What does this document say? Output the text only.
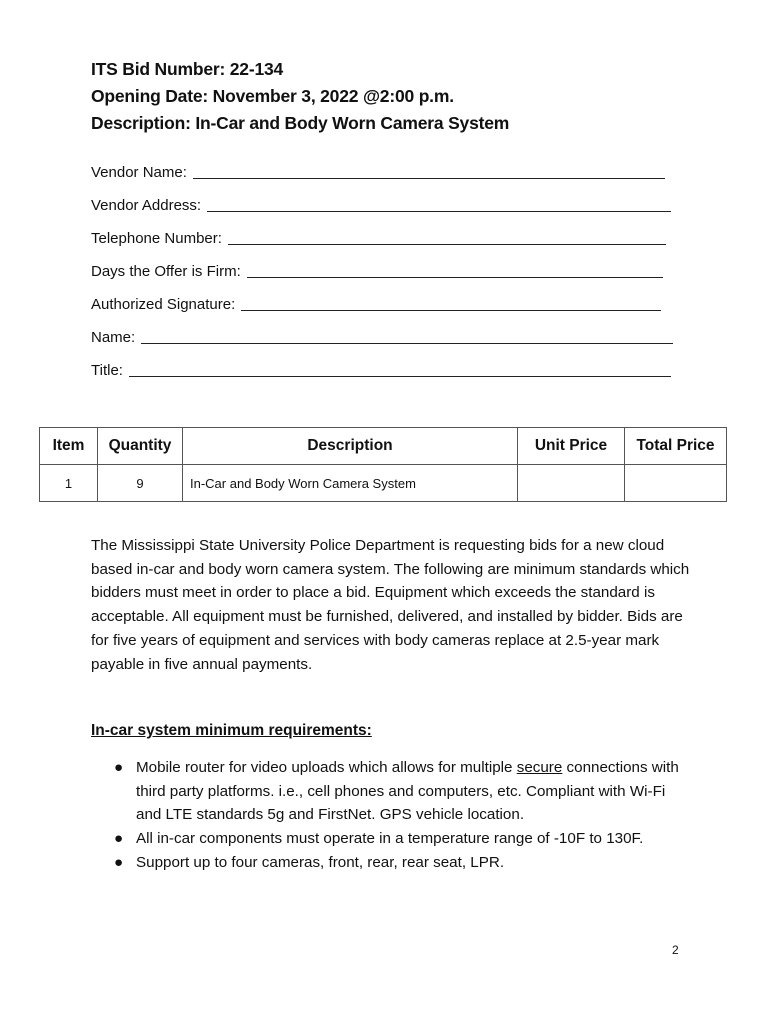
ITS Bid Number: 22-134
Opening Date: November 3, 2022 @2:00 p.m.
Description: In-Car and Body Worn Camera System
Vendor Name:
Vendor Address:
Telephone Number:
Days the Offer is Firm:
Authorized Signature:
Name:
Title:
Item	Quantity	Description	Unit Price	Total Price
1	9	In-Car and Body Worn Camera System		
The Mississippi State University Police Department is requesting bids for a new cloud based in-car and body worn camera system. The following are minimum standards which bidders must meet in order to place a bid. Equipment which exceeds the standard is acceptable. All equipment must be furnished, delivered, and installed by bidder. Bids are for five years of equipment and services with body cameras replace at 2.5-year mark payable in five annual payments.
In-car system minimum requirements:
● Mobile router for video uploads which allows for multiple secure connections with third party platforms. i.e., cell phones and computers, etc. Compliant with Wi-Fi and LTE standards 5g and FirstNet. GPS vehicle location.
● All in-car components must operate in a temperature range of -10F to 130F.
● Support up to four cameras, front, rear, rear seat, LPR.
2
